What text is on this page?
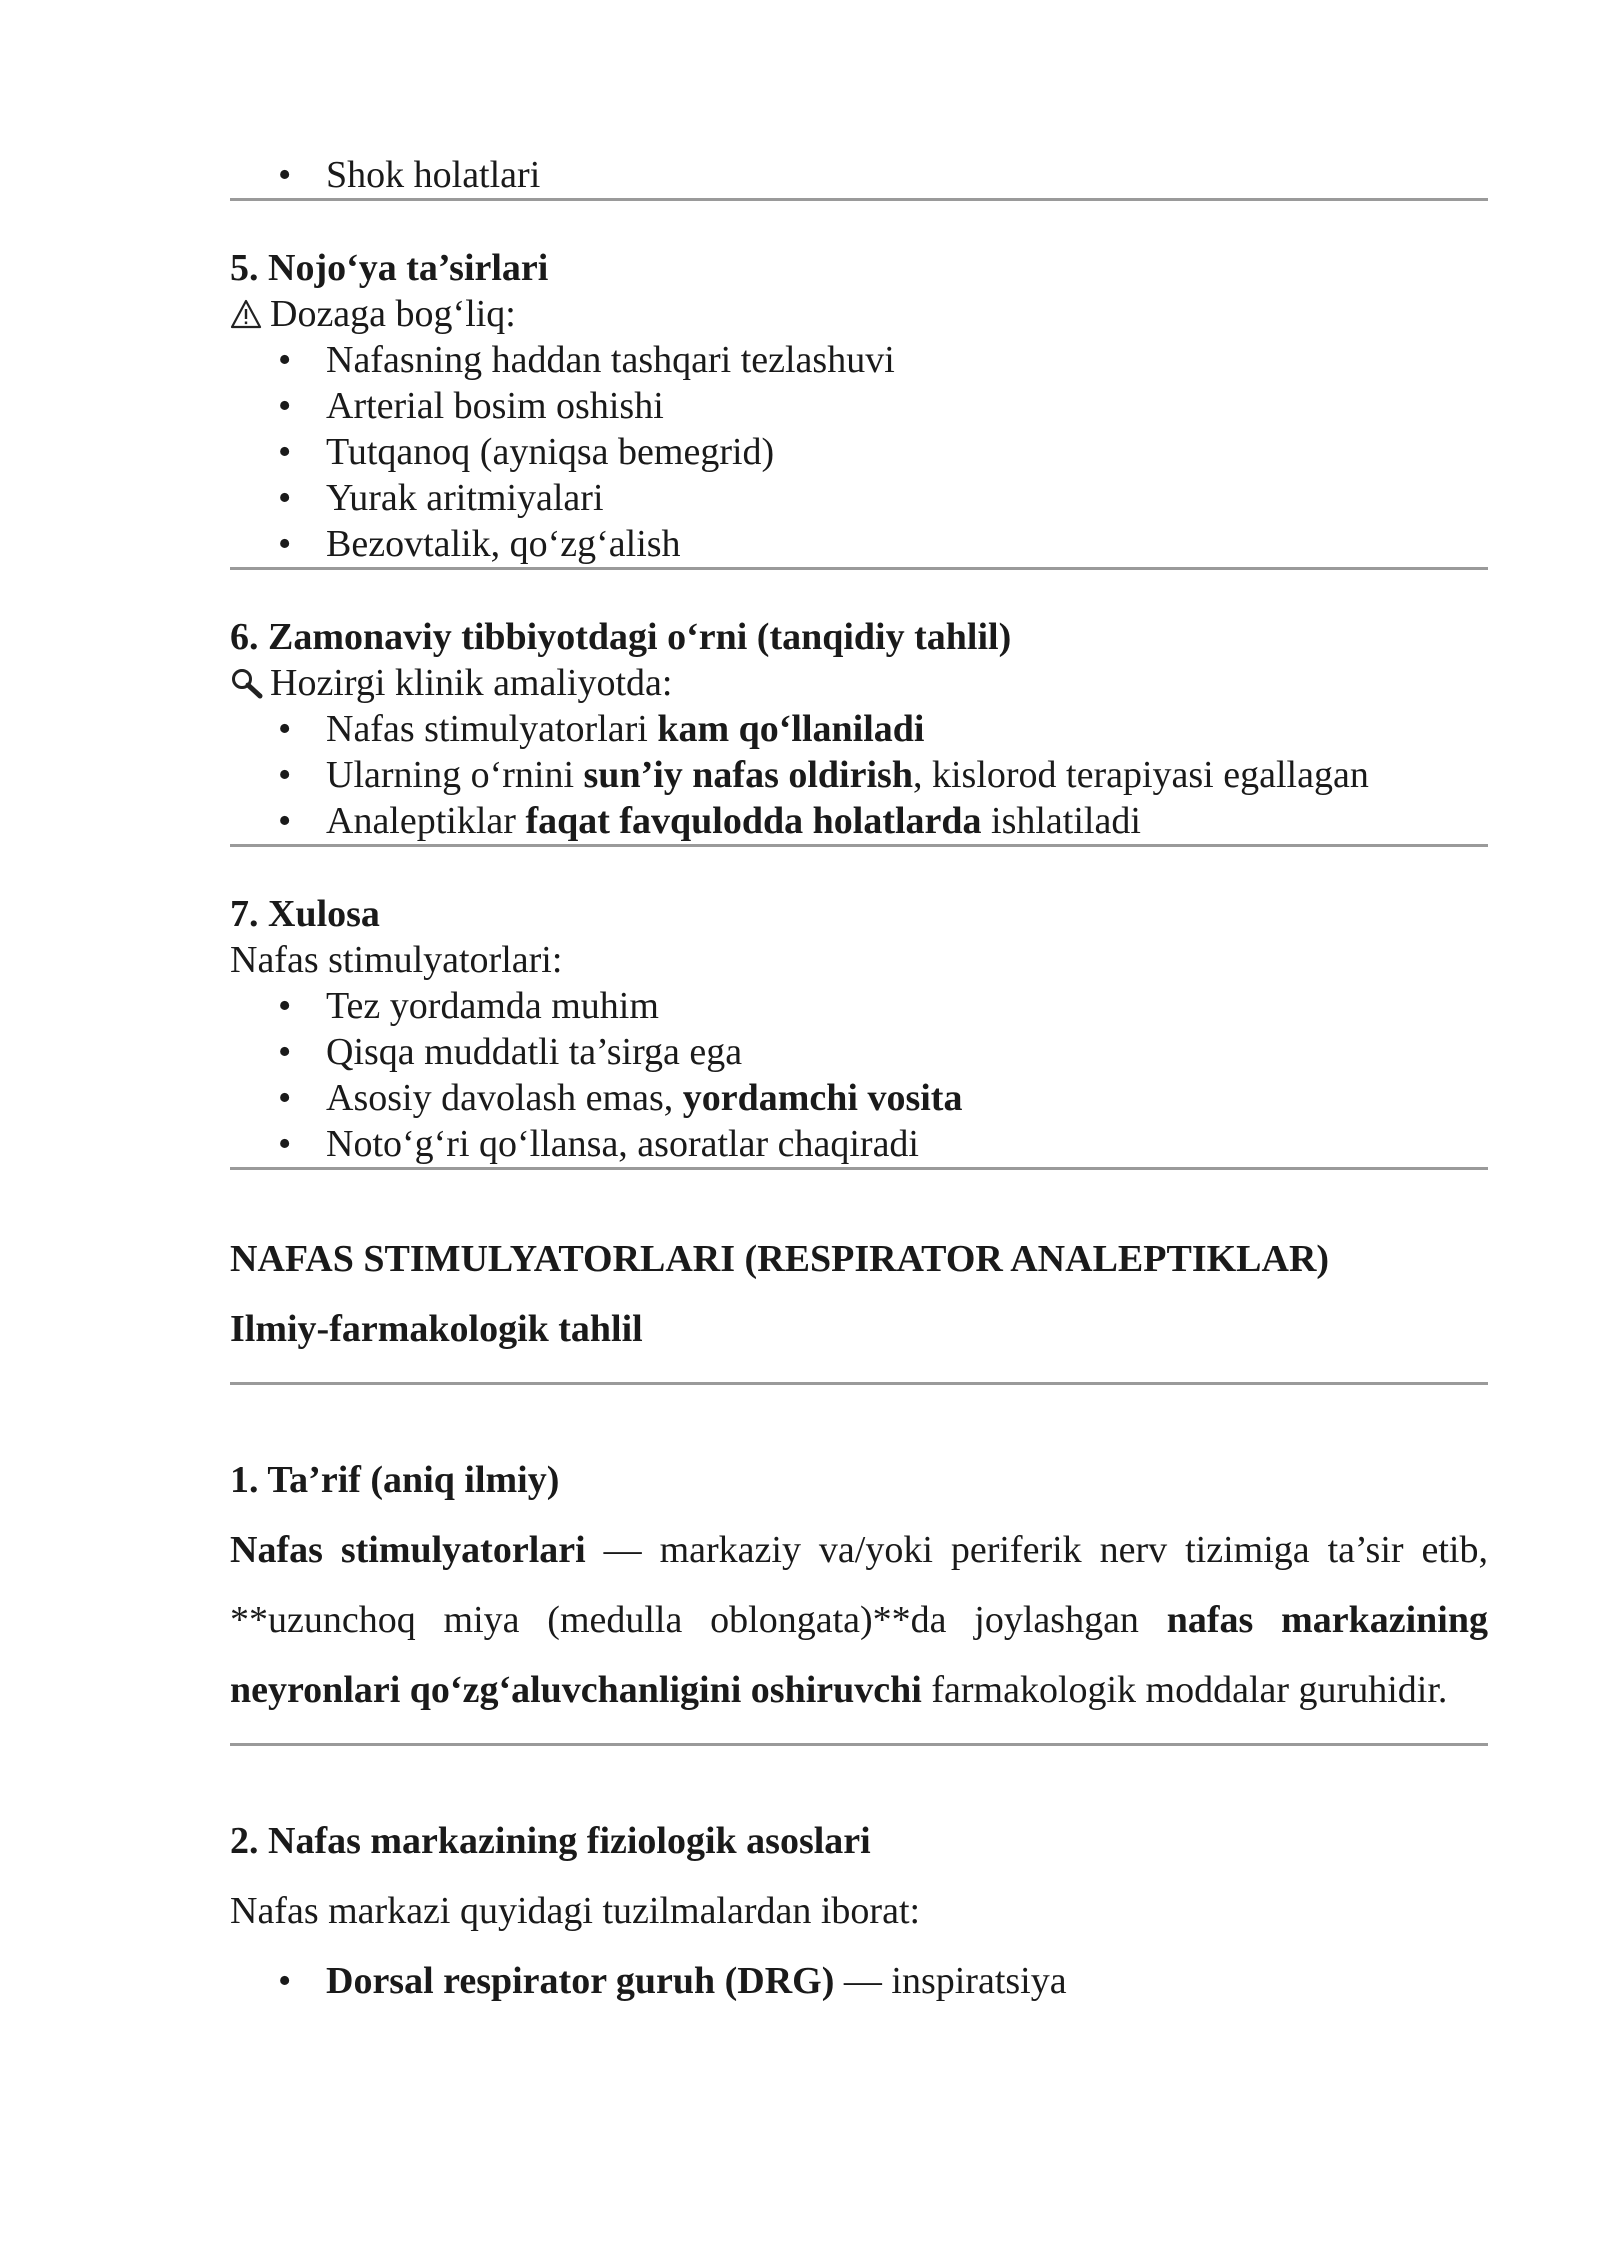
• Shok holatlari
5. Nojo‘ya ta’sirlari
Dozaga bog‘liq:
• Nafasning haddan tashqari tezlashuvi
• Arterial bosim oshishi
• Tutqanoq (ayniqsa bemegrid)
• Yurak aritmiyalari
• Bezovtalik, qo‘zg‘alish
6. Zamonaviy tibbiyotdagi o‘rni (tanqidiy tahlil)
Hozirgi klinik amaliyotda:
• Nafas stimulyatorlari kam qo‘llaniladi
• Ularning o‘rnini sun’iy nafas oldirish, kislorod terapiyasi egallagan
• Analeptiklar faqat favqulodda holatlarda ishlatiladi
7. Xulosa
Nafas stimulyatorlari:
• Tez yordamda muhim
• Qisqa muddatli ta’sirga ega
• Asosiy davolash emas, yordamchi vosita
• Noto‘g‘ri qo‘llansa, asoratlar chaqiradi

NAFAS STIMULYATORLARI (RESPIRATOR ANALEPTIKLAR)

Ilmiy-farmakologik tahlil

1. Ta’rif (aniq ilmiy)

Nafas stimulyatorlari — markaziy va/yoki periferik nerv tizimiga ta’sir etib, **uzunchoq miya (medulla oblongata)**da joylashgan nafas markazining neyronlari qo‘zg‘aluvchanligini oshiruvchi farmakologik moddalar guruhidir.

2. Nafas markazining fiziologik asoslari

Nafas markazi quyidagi tuzilmalardan iborat:

• Dorsal respirator guruh (DRG) — inspiratsiya
